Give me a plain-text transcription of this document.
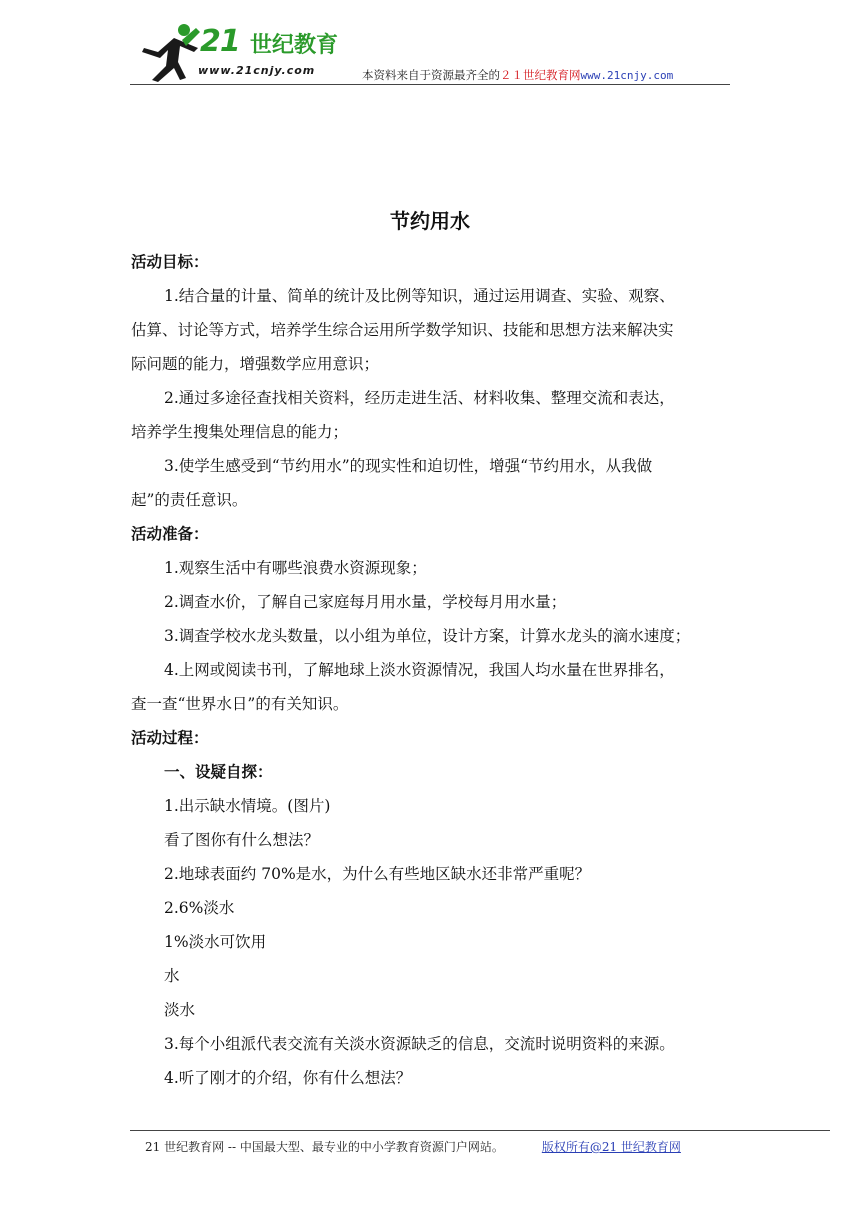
21 世纪教育
www.21cnjy.com	本资料来自于资源最齐全的２１世纪教育网www.21cnjy.com
节约用水

活动目标：

1.结合量的计量、简单的统计及比例等知识，通过运用调查、实验、观察、

估算、讨论等方式，培养学生综合运用所学数学知识、技能和思想方法来解决实

际问题的能力，增强数学应用意识；

2.通过多途径查找相关资料，经历走进生活、材料收集、整理交流和表达，

培养学生搜集处理信息的能力；

3.使学生感受到“节约用水”的现实性和迫切性，增强“节约用水，从我做

起”的责任意识。

活动准备：

1.观察生活中有哪些浪费水资源现象；

2.调查水价，了解自己家庭每月用水量，学校每月用水量；

3.调查学校水龙头数量，以小组为单位，设计方案，计算水龙头的滴水速度；

4.上网或阅读书刊，了解地球上淡水资源情况，我国人均水量在世界排名，

查一查“世界水日”的有关知识。

活动过程：

一、设疑自探：

1.出示缺水情境。(图片)

看了图你有什么想法？

2.地球表面约 70%是水，为什么有些地区缺水还非常严重呢？

2.6%淡水

1%淡水可饮用

水

淡水

3.每个小组派代表交流有关淡水资源缺乏的信息，交流时说明资料的来源。

4.听了刚才的介绍，你有什么想法？

21 世纪教育网 -- 中国最大型、最专业的中小学教育资源门户网站。	版权所有@21 世纪教育网
